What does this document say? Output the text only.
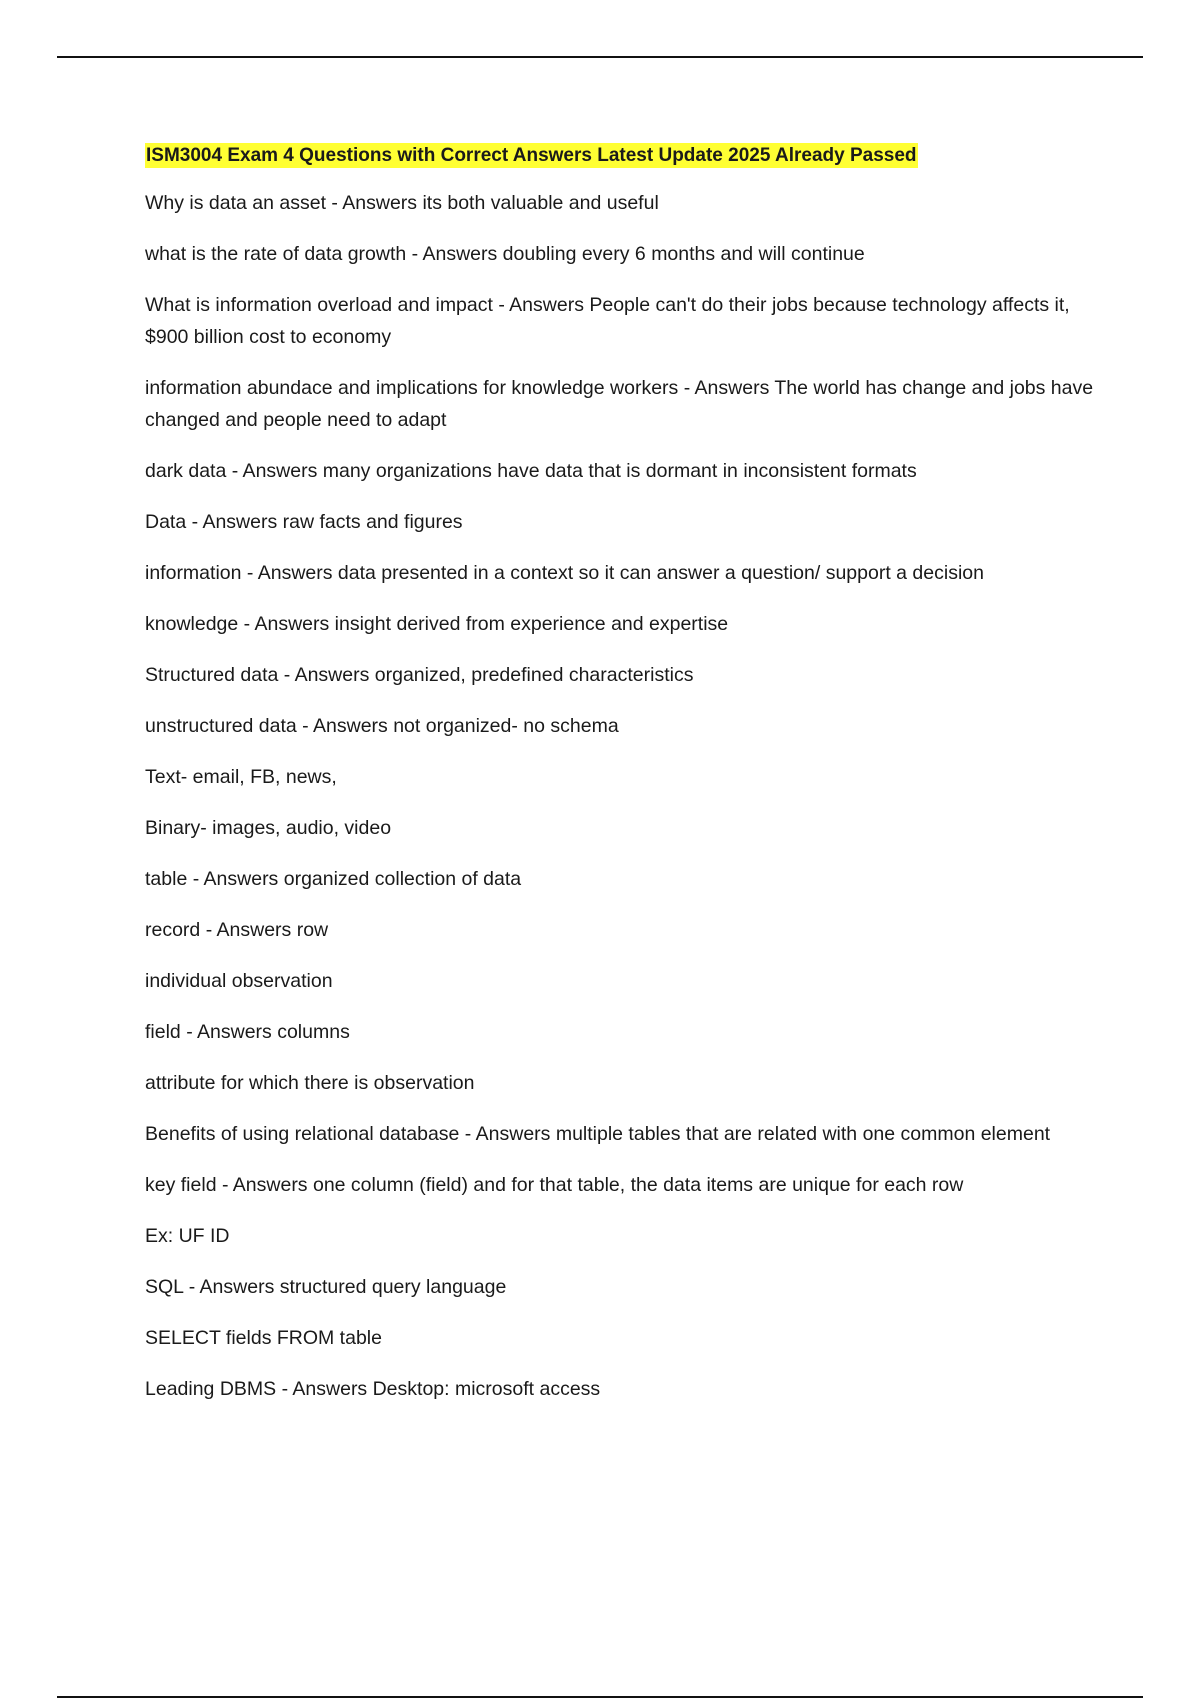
ISM3004 Exam 4 Questions with Correct Answers Latest Update 2025 Already Passed
Why is data an asset - Answers its both valuable and useful
what is the rate of data growth - Answers doubling every 6 months and will continue
What is information overload and impact - Answers People can't do their jobs because technology affects it, $900 billion cost to economy
information abundace and implications for knowledge workers - Answers The world has change and jobs have changed and people need to adapt
dark data - Answers many organizations have data that is dormant in inconsistent formats
Data - Answers raw facts and figures
information - Answers data presented in a context so it can answer a question/ support a decision
knowledge - Answers insight derived from experience and expertise
Structured data - Answers organized, predefined characteristics
unstructured data - Answers not organized- no schema
Text- email, FB, news,
Binary- images, audio, video
table - Answers organized collection of data
record - Answers row
individual observation
field - Answers columns
attribute for which there is observation
Benefits of using relational database - Answers multiple tables that are related with one common element
key field - Answers one column (field) and for that table, the data items are unique for each row
Ex: UF ID
SQL - Answers structured query language
SELECT fields FROM table
Leading DBMS - Answers Desktop: microsoft access
